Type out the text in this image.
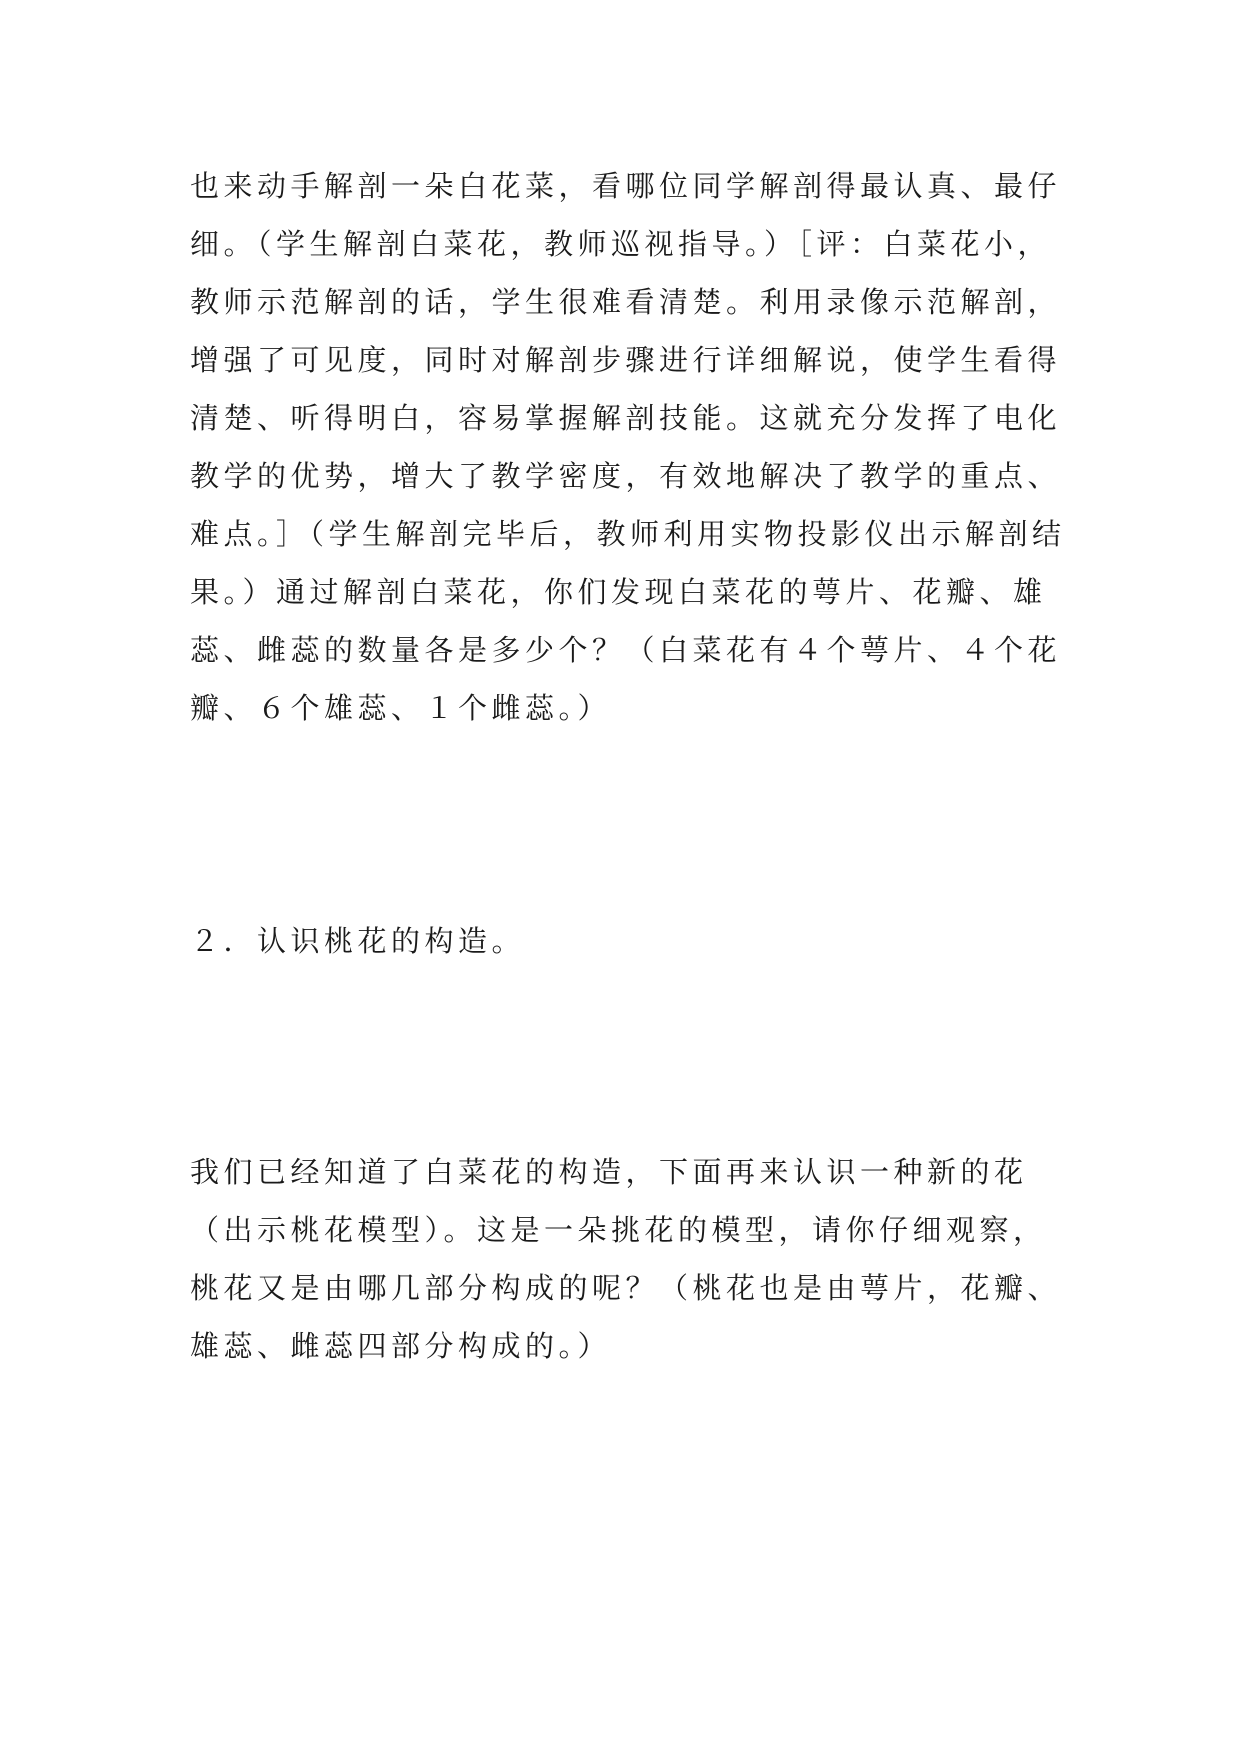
也来动手解剖一朵白花菜，看哪位同学解剖得最认真、最仔
细。（学生解剖白菜花，教师巡视指导。）［评：白菜花小，
教师示范解剖的话，学生很难看清楚。利用录像示范解剖，
增强了可见度，同时对解剖步骤进行详细解说，使学生看得
清楚、听得明白，容易掌握解剖技能。这就充分发挥了电化
教学的优势，增大了教学密度，有效地解决了教学的重点、
难点。］（学生解剖完毕后，教师利用实物投影仪出示解剖结
果。）通过解剖白菜花，你们发现白菜花的萼片、花瓣、雄
蕊、雌蕊的数量各是多少个？（白菜花有４个萼片、４个花
瓣、６个雄蕊、１个雌蕊。）
２．认识桃花的构造。
我们已经知道了白菜花的构造，下面再来认识一种新的花
（出示桃花模型）。这是一朵挑花的模型，请你仔细观察，
桃花又是由哪几部分构成的呢？（桃花也是由萼片，花瓣、
雄蕊、雌蕊四部分构成的。）
